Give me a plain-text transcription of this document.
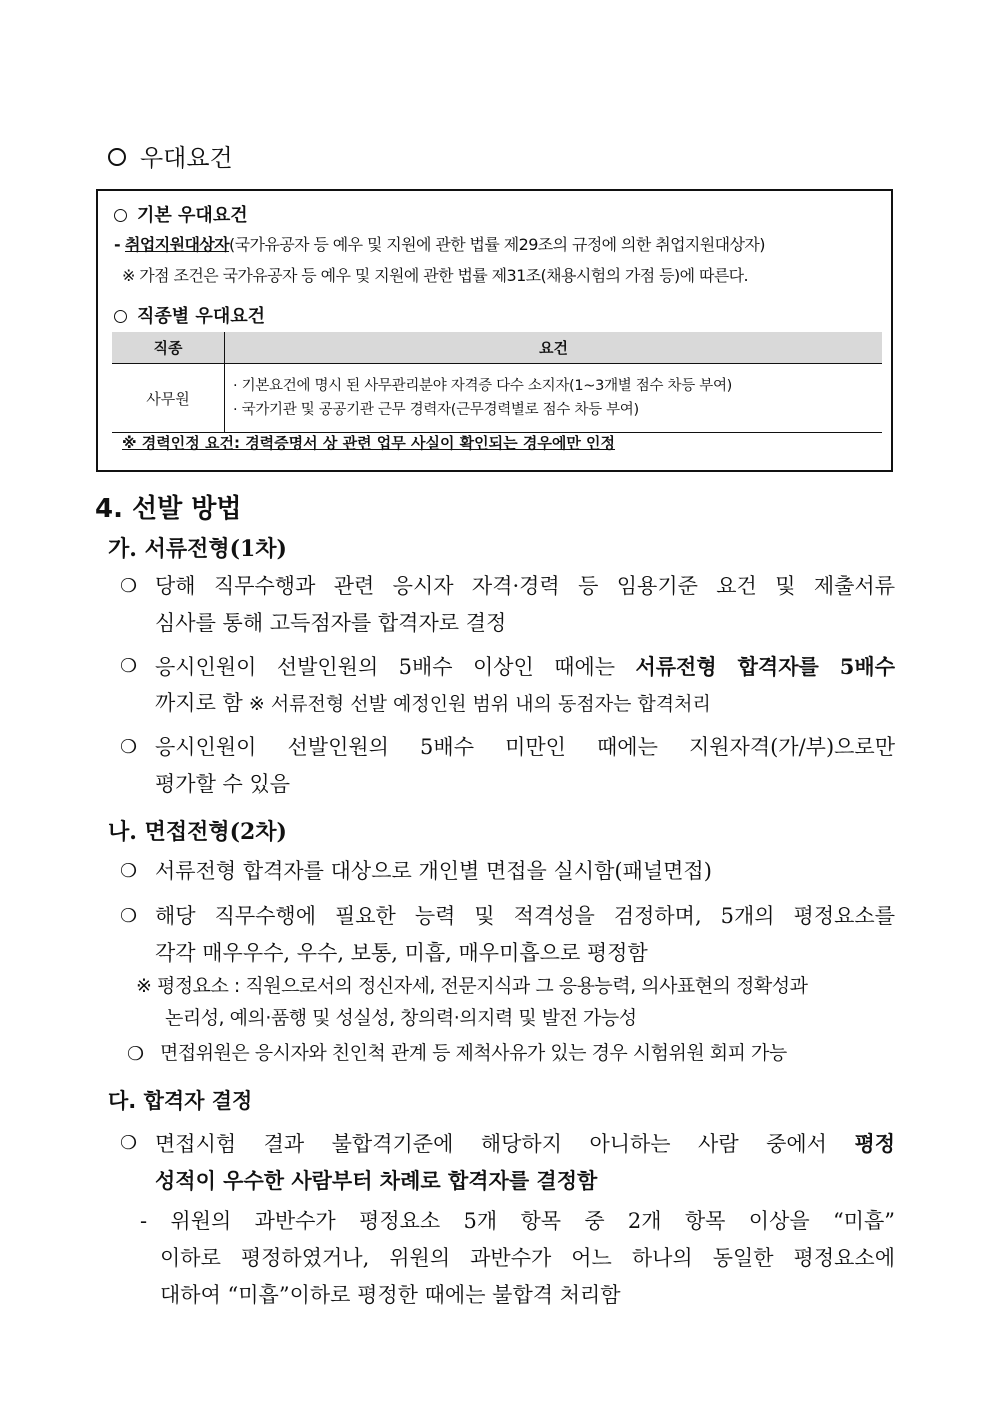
우대요건
기본 우대요건
- 취업지원대상자(국가유공자 등 예우 및 지원에 관한 법률 제29조의 규정에 의한 취업지원대상자)
※ 가점 조건은 국가유공자 등 예우 및 지원에 관한 법률 제31조(채용시험의 가점 등)에 따른다.
직종별 우대요건
직종	요건
사무원	· 기본요건에 명시 된 사무관리분야 자격증 다수 소지자(1~3개별 점수 차등 부여)
· 국가기관 및 공공기관 근무 경력자(근무경력별로 점수 차등 부여)
※ 경력인정 요건: 경력증명서 상 관련 업무 사실이 확인되는 경우에만 인정
4. 선발 방법
가. 서류전형(1차)
❍ 당해 직무수행과 관련 응시자 자격·경력 등 임용기준 요건 및 제출서류
심사를 통해 고득점자를 합격자로 결정
❍ 응시인원이 선발인원의 5배수 이상인 때에는 서류전형 합격자를 5배수
까지로 함 ※ 서류전형 선발 예정인원 범위 내의 동점자는 합격처리
❍ 응시인원이 선발인원의 5배수 미만인 때에는 지원자격(가/부)으로만
평가할 수 있음
나. 면접전형(2차)
❍ 서류전형 합격자를 대상으로 개인별 면접을 실시함(패널면접)
❍ 해당 직무수행에 필요한 능력 및 적격성을 검정하며, 5개의 평정요소를
각각 매우우수, 우수, 보통, 미흡, 매우미흡으로 평정함
※ 평정요소 : 직원으로서의 정신자세, 전문지식과 그 응용능력, 의사표현의 정확성과
논리성, 예의·품행 및 성실성, 창의력·의지력 및 발전 가능성
❍ 면접위원은 응시자와 친인척 관계 등 제척사유가 있는 경우 시험위원 회피 가능
다. 합격자 결정
❍ 면접시험 결과 불합격기준에 해당하지 아니하는 사람 중에서 평정
성적이 우수한 사람부터 차례로 합격자를 결정함
- 위원의 과반수가 평정요소 5개 항목 중 2개 항목 이상을 “미흡”
이하로 평정하였거나, 위원의 과반수가 어느 하나의 동일한 평정요소에
대하여 “미흡”이하로 평정한 때에는 불합격 처리함
